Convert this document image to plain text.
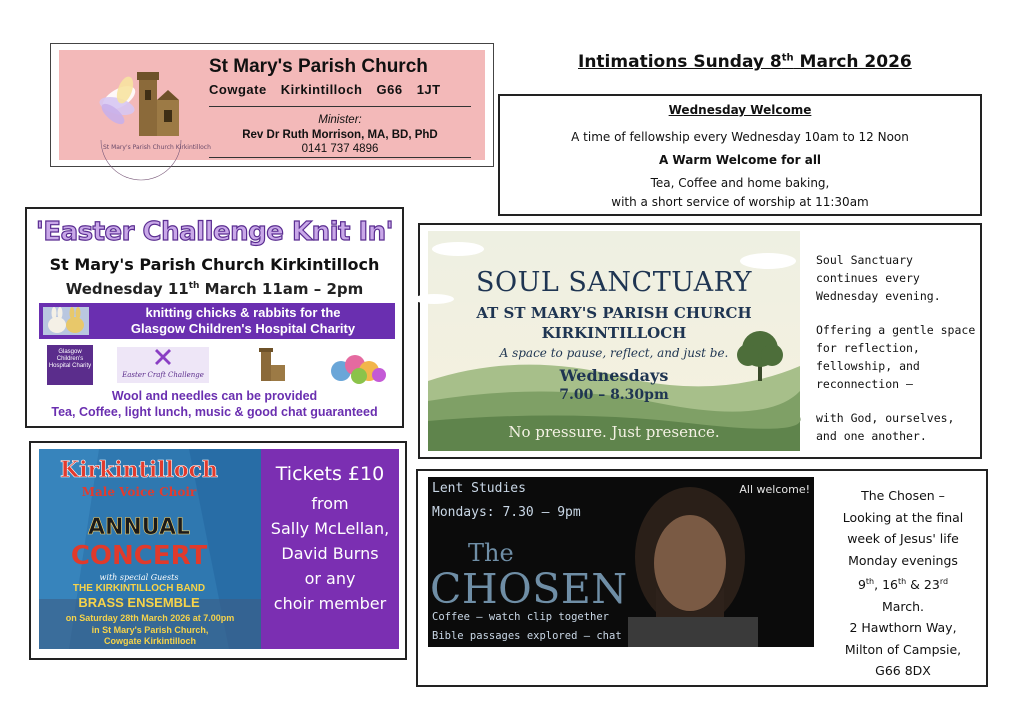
St Mary's Parish Church Kirkintilloch
St Mary's Parish Church
Cowgate Kirkintilloch G66 1JT
Minister:
Rev Dr Ruth Morrison, MA, BD, PhD
0141 737 4896
Intimations Sunday 8th March 2026
Wednesday Welcome
A time of fellowship every Wednesday 10am to 12 Noon
A Warm Welcome for all
Tea, Coffee and home baking,
with a short service of worship at 11:30am
'Easter Challenge Knit In'
St Mary's Parish Church Kirkintilloch
Wednesday 11th March 11am – 2pm
knitting chicks & rabbits for the
Glasgow Children's Hospital Charity
Glasgow Children's Hospital Charity
Easter Craft Challenge
Wool and needles can be provided
Tea, Coffee, light lunch, music & good chat guaranteed
SOUL SANCTUARY
AT ST MARY'S PARISH CHURCH
KIRKINTILLOCH
A space to pause, reflect, and just be.
Wednesdays
7.00 – 8.30pm
No pressure. Just presence.
Soul Sanctuary
continues every
Wednesday evening.
Offering a gentle space
for reflection,
fellowship, and
reconnection —
with God, ourselves,
and one another.
Kirkintilloch
Male Voice Choir
ANNUAL
CONCERT
with special Guests
THE KIRKINTILLOCH BAND
BRASS ENSEMBLE
on Saturday 28th March 2026 at 7.00pm
in St Mary's Parish Church,
Cowgate Kirkintilloch
Tickets £10
from
Sally McLellan,
David Burns
or any
choir member
Lent Studies
Mondays: 7.30 – 9pm
All welcome!
The
CHOSEN
Coffee – watch clip together
Bible passages explored – chat
The Chosen –
Looking at the final
week of Jesus' life
Monday evenings
9th, 16th & 23rd
March.
2 Hawthorn Way,
Milton of Campsie,
G66 8DX
